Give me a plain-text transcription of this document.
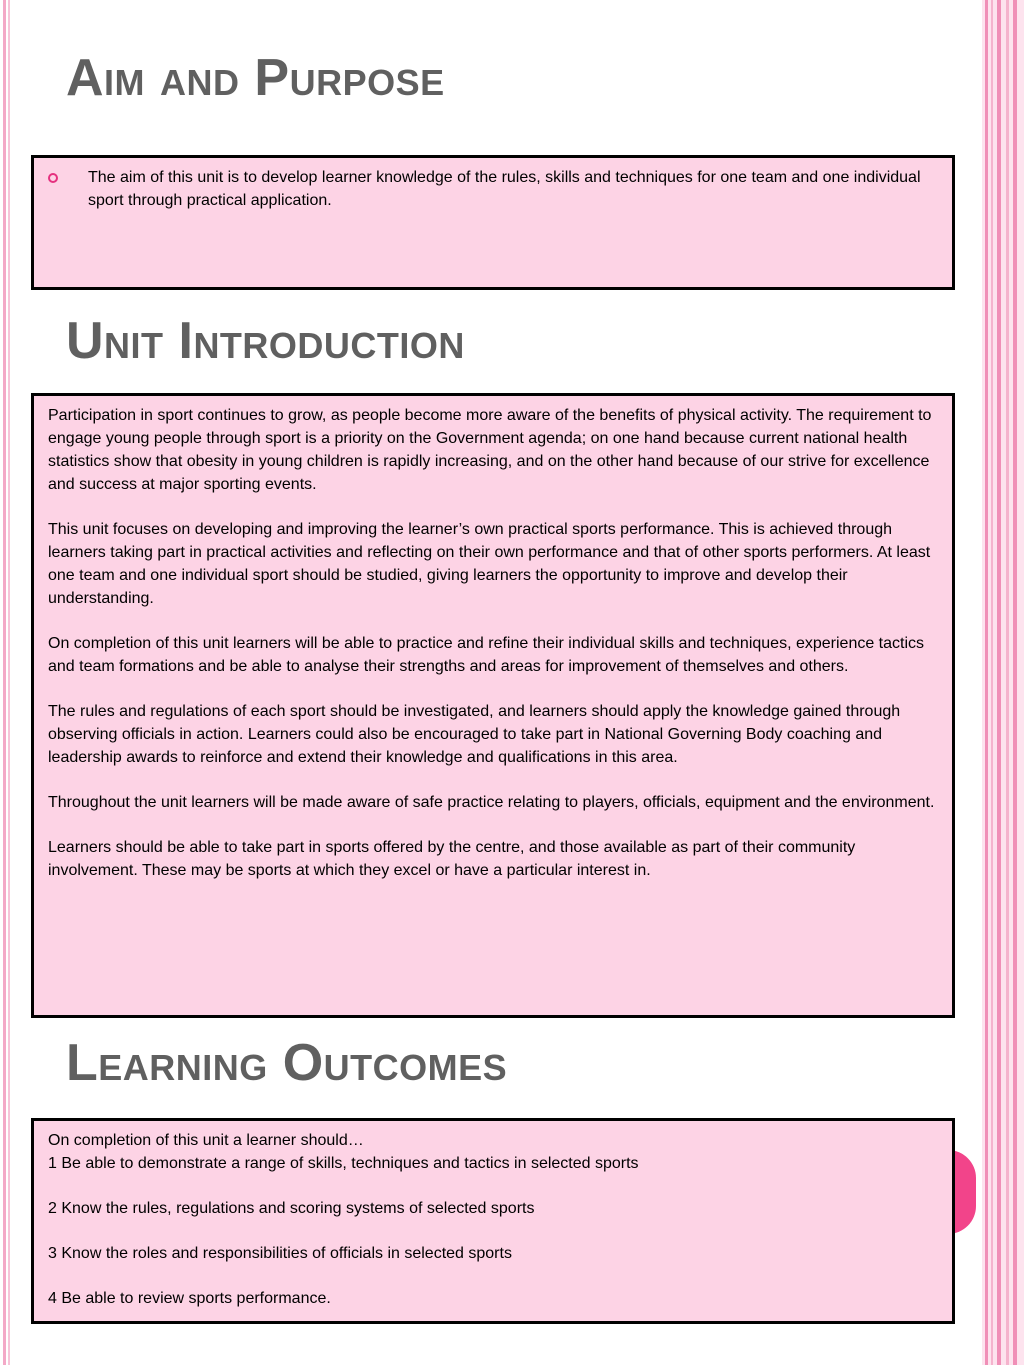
Aim and Purpose
The aim of this unit is to develop learner knowledge of the rules, skills and techniques for one team and one individual sport through practical application.
Unit Introduction

Participation in sport continues to grow, as people become more aware of the benefits of physical activity. The requirement to engage young people through sport is a priority on the Government agenda; on one hand because current national health statistics show that obesity in young children is rapidly increasing, and on the other hand because of our strive for excellence and success at major sporting events.

This unit focuses on developing and improving the learner’s own practical sports performance. This is achieved through learners taking part in practical activities and reflecting on their own performance and that of other sports performers. At least one team and one individual sport should be studied, giving learners the opportunity to improve and develop their understanding.

On completion of this unit learners will be able to practice and refine their individual skills and techniques, experience tactics and team formations and be able to analyse their strengths and areas for improvement of themselves and others.

The rules and regulations of each sport should be investigated, and learners should apply the knowledge gained through observing officials in action. Learners could also be encouraged to take part in National Governing Body coaching and leadership awards to reinforce and extend their knowledge and qualifications in this area.

Throughout the unit learners will be made aware of safe practice relating to players, officials, equipment and the environment.

Learners should be able to take part in sports offered by the centre, and those available as part of their community involvement. These may be sports at which they excel or have a particular interest in.

Learning Outcomes

On completion of this unit a learner should…

1 Be able to demonstrate a range of skills, techniques and tactics in selected sports

2 Know the rules, regulations and scoring systems of selected sports

3 Know the roles and responsibilities of officials in selected sports

4 Be able to review sports performance.
